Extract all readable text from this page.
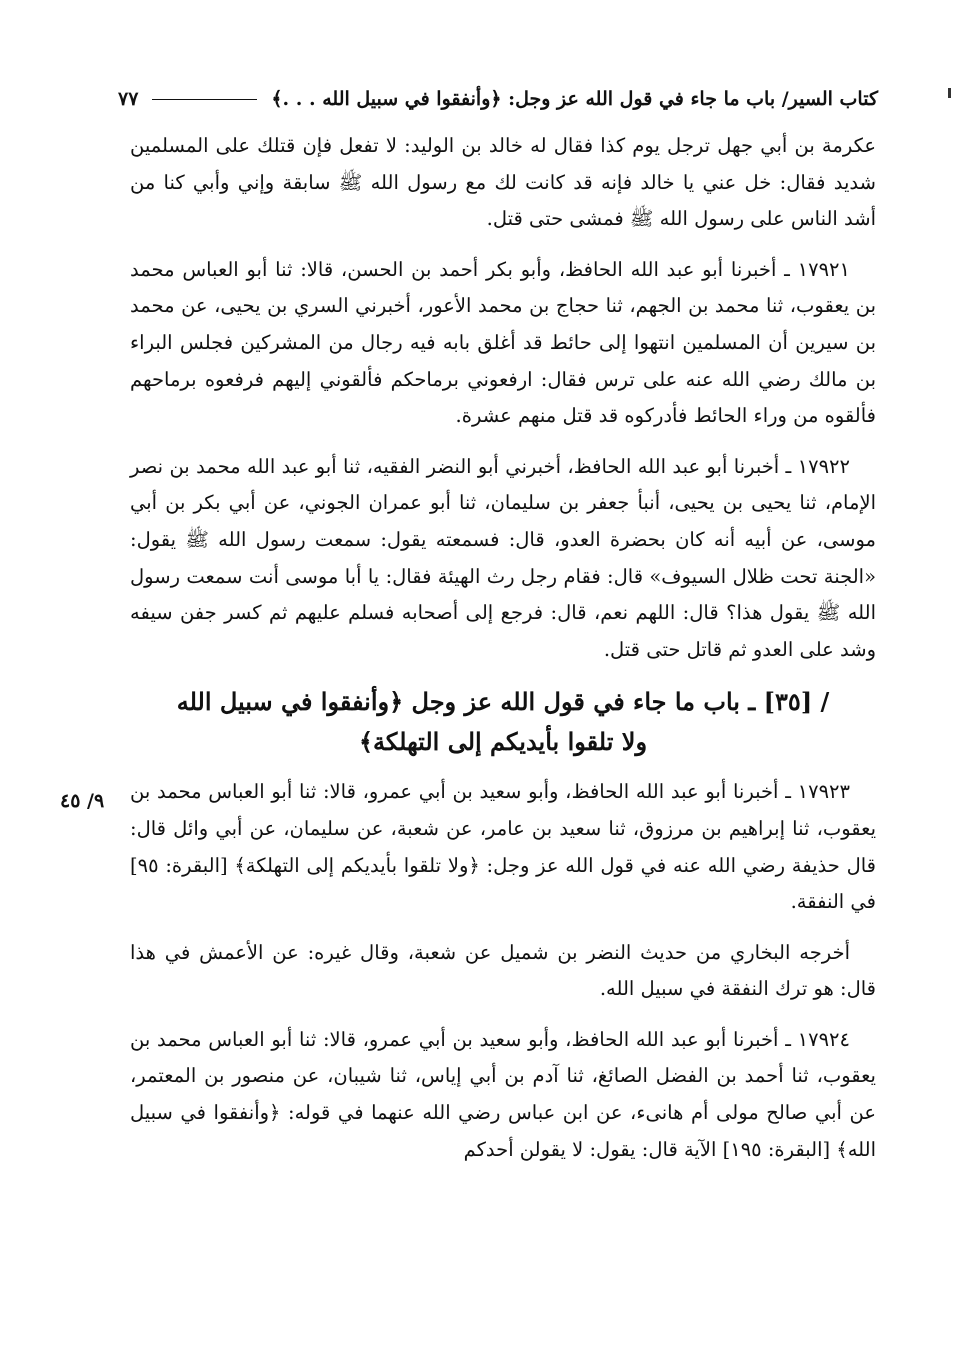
كتاب السير/ باب ما جاء في قول الله عز وجل: ﴿وأنفقوا في سبيل الله . . .﴾
٧٧

عكرمة بن أبي جهل ترجل يوم كذا فقال له خالد بن الوليد: لا تفعل فإن قتلك على المسلمين شديد فقال: خل عني يا خالد فإنه قد كانت لك مع رسول الله ﷺ سابقة وإني وأبي كنا من أشد الناس على رسول الله ﷺ فمشى حتى قتل.

١٧٩٢١ ـ أخبرنا أبو عبد الله الحافظ، وأبو بكر أحمد بن الحسن، قالا: ثنا أبو العباس محمد بن يعقوب، ثنا محمد بن الجهم، ثنا حجاج بن محمد الأعور، أخبرني السري بن يحيى، عن محمد بن سيرين أن المسلمين انتهوا إلى حائط قد أغلق بابه فيه رجال من المشركين فجلس البراء بن مالك رضي الله عنه على ترس فقال: ارفعوني برماحكم فألقوني إليهم فرفعوه برماحهم فألقوه من وراء الحائط فأدركوه قد قتل منهم عشرة.

١٧٩٢٢ ـ أخبرنا أبو عبد الله الحافظ، أخبرني أبو النضر الفقيه، ثنا أبو عبد الله محمد بن نصر الإمام، ثنا يحيى بن يحيى، أنبأ جعفر بن سليمان، ثنا أبو عمران الجوني، عن أبي بكر بن أبي موسى، عن أبيه أنه كان بحضرة العدو، قال: فسمعته يقول: سمعت رسول الله ﷺ يقول: «الجنة تحت ظلال السيوف» قال: فقام رجل رث الهيئة فقال: يا أبا موسى أنت سمعت رسول الله ﷺ يقول هذا؟ قال: اللهم نعم، قال: فرجع إلى أصحابه فسلم عليهم ثم كسر جفن سيفه وشد على العدو ثم قاتل حتى قتل.

/ [٣٥] ـ باب ما جاء في قول الله عز وجل ﴿وأنفقوا في سبيل الله
ولا تلقوا بأيديكم إلى التهلكة﴾

١٧٩٢٣ ـ أخبرنا أبو عبد الله الحافظ، وأبو سعيد بن أبي عمرو، قالا: ثنا أبو العباس محمد بن يعقوب، ثنا إبراهيم بن مرزوق، ثنا سعيد بن عامر، عن شعبة، عن سليمان، عن أبي وائل قال: قال حذيفة رضي الله عنه في قول الله عز وجل: ﴿ولا تلقوا بأيديكم إلى التهلكة﴾ [البقرة: ٩٥] في النفقة.

أخرجه البخاري من حديث النضر بن شميل عن شعبة، وقال غيره: عن الأعمش في هذا قال: هو ترك النفقة في سبيل الله.

١٧٩٢٤ ـ أخبرنا أبو عبد الله الحافظ، وأبو سعيد بن أبي عمرو، قالا: ثنا أبو العباس محمد بن يعقوب، ثنا أحمد بن الفضل الصائغ، ثنا آدم بن أبي إياس، ثنا شيبان، عن منصور بن المعتمر، عن أبي صالح مولى أم هانىء، عن ابن عباس رضي الله عنهما في قوله: ﴿وأنفقوا في سبيل الله﴾ [البقرة: ١٩٥] الآية قال: يقول: لا يقولن أحدكم

٩/ ٤٥
